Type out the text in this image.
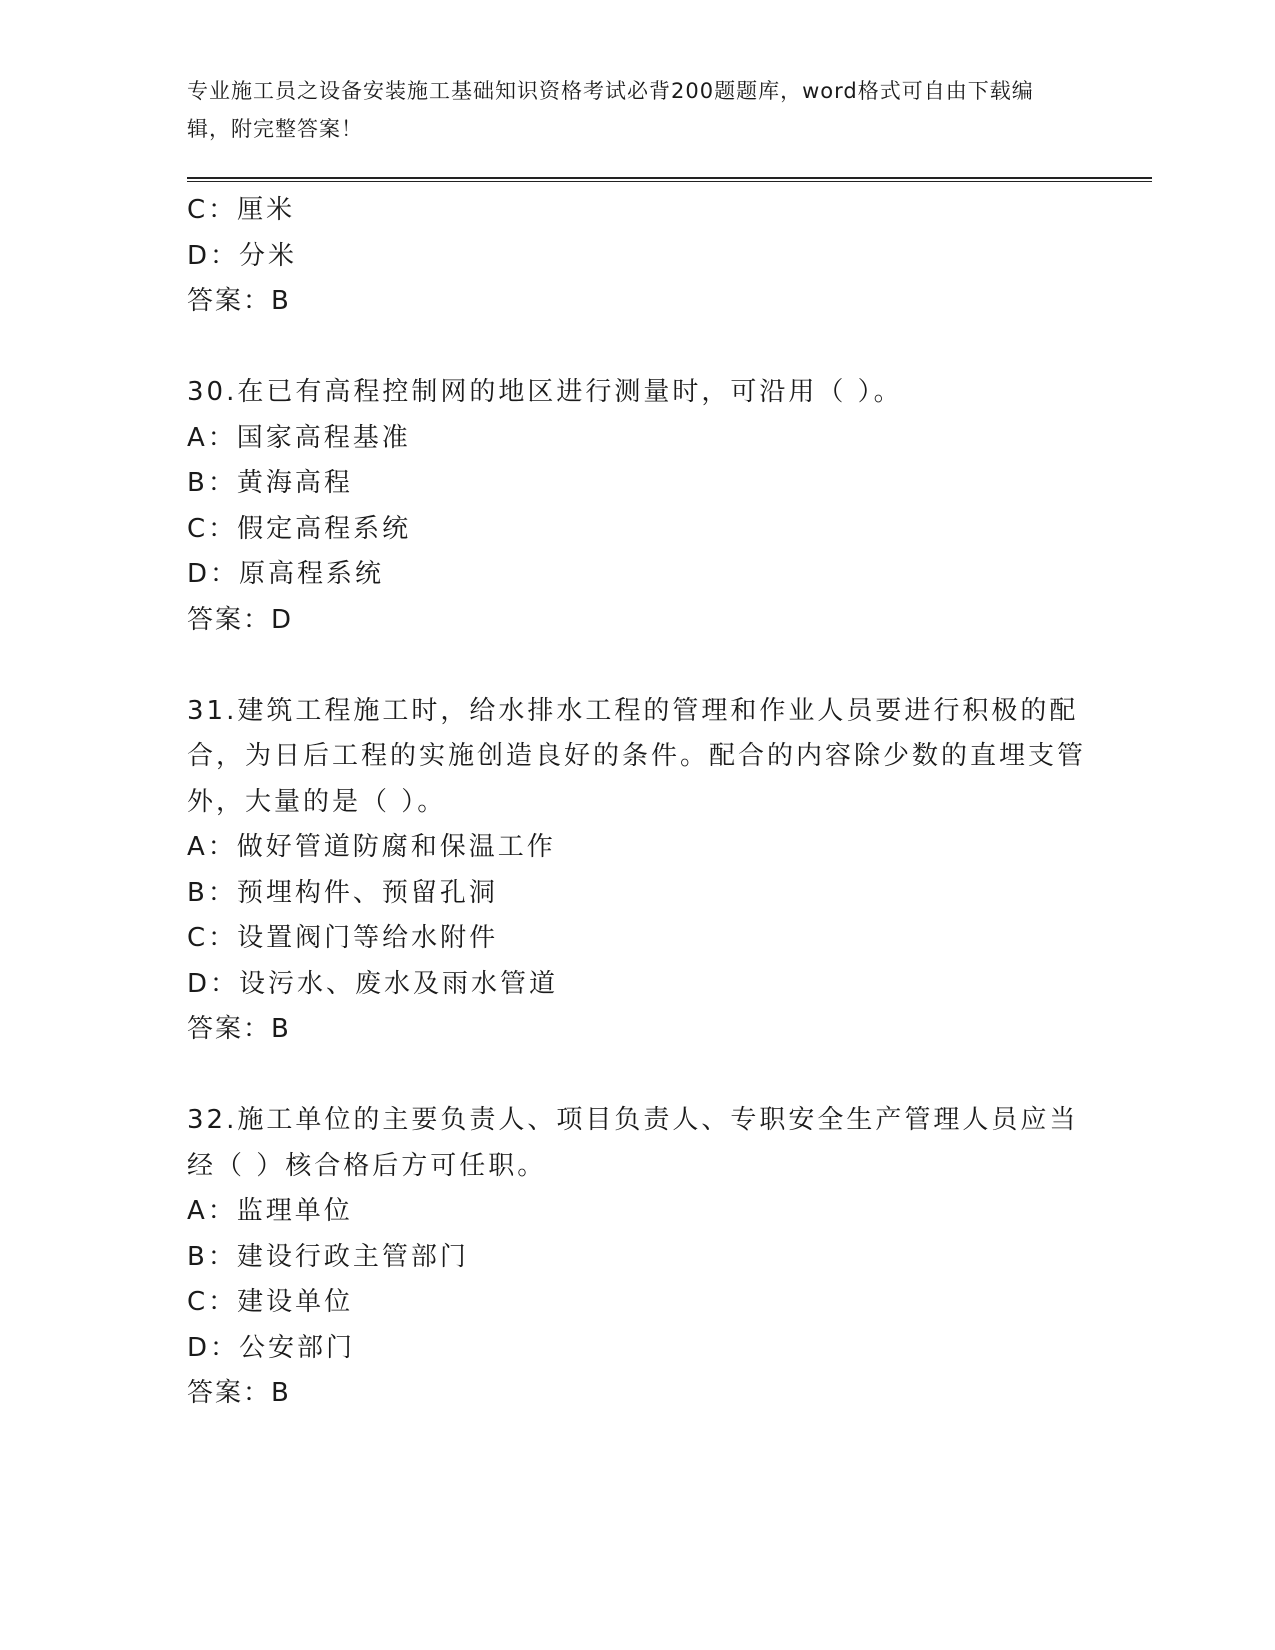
专业施工员之设备安装施工基础知识资格考试必背200题题库，word格式可自由下载编辑，附完整答案！
C：厘米
D：分米
答案：B
30.在已有高程控制网的地区进行测量时，可沿用（ ）。
A：国家高程基准
B：黄海高程
C：假定高程系统
D：原高程系统
答案：D
31.建筑工程施工时，给水排水工程的管理和作业人员要进行积极的配合，为日后工程的实施创造良好的条件。配合的内容除少数的直埋支管外，大量的是（ ）。
A：做好管道防腐和保温工作
B：预埋构件、预留孔洞
C：设置阀门等给水附件
D：设污水、废水及雨水管道
答案：B
32.施工单位的主要负责人、项目负责人、专职安全生产管理人员应当经（ ）核合格后方可任职。
A：监理单位
B：建设行政主管部门
C：建设单位
D：公安部门
答案：B
